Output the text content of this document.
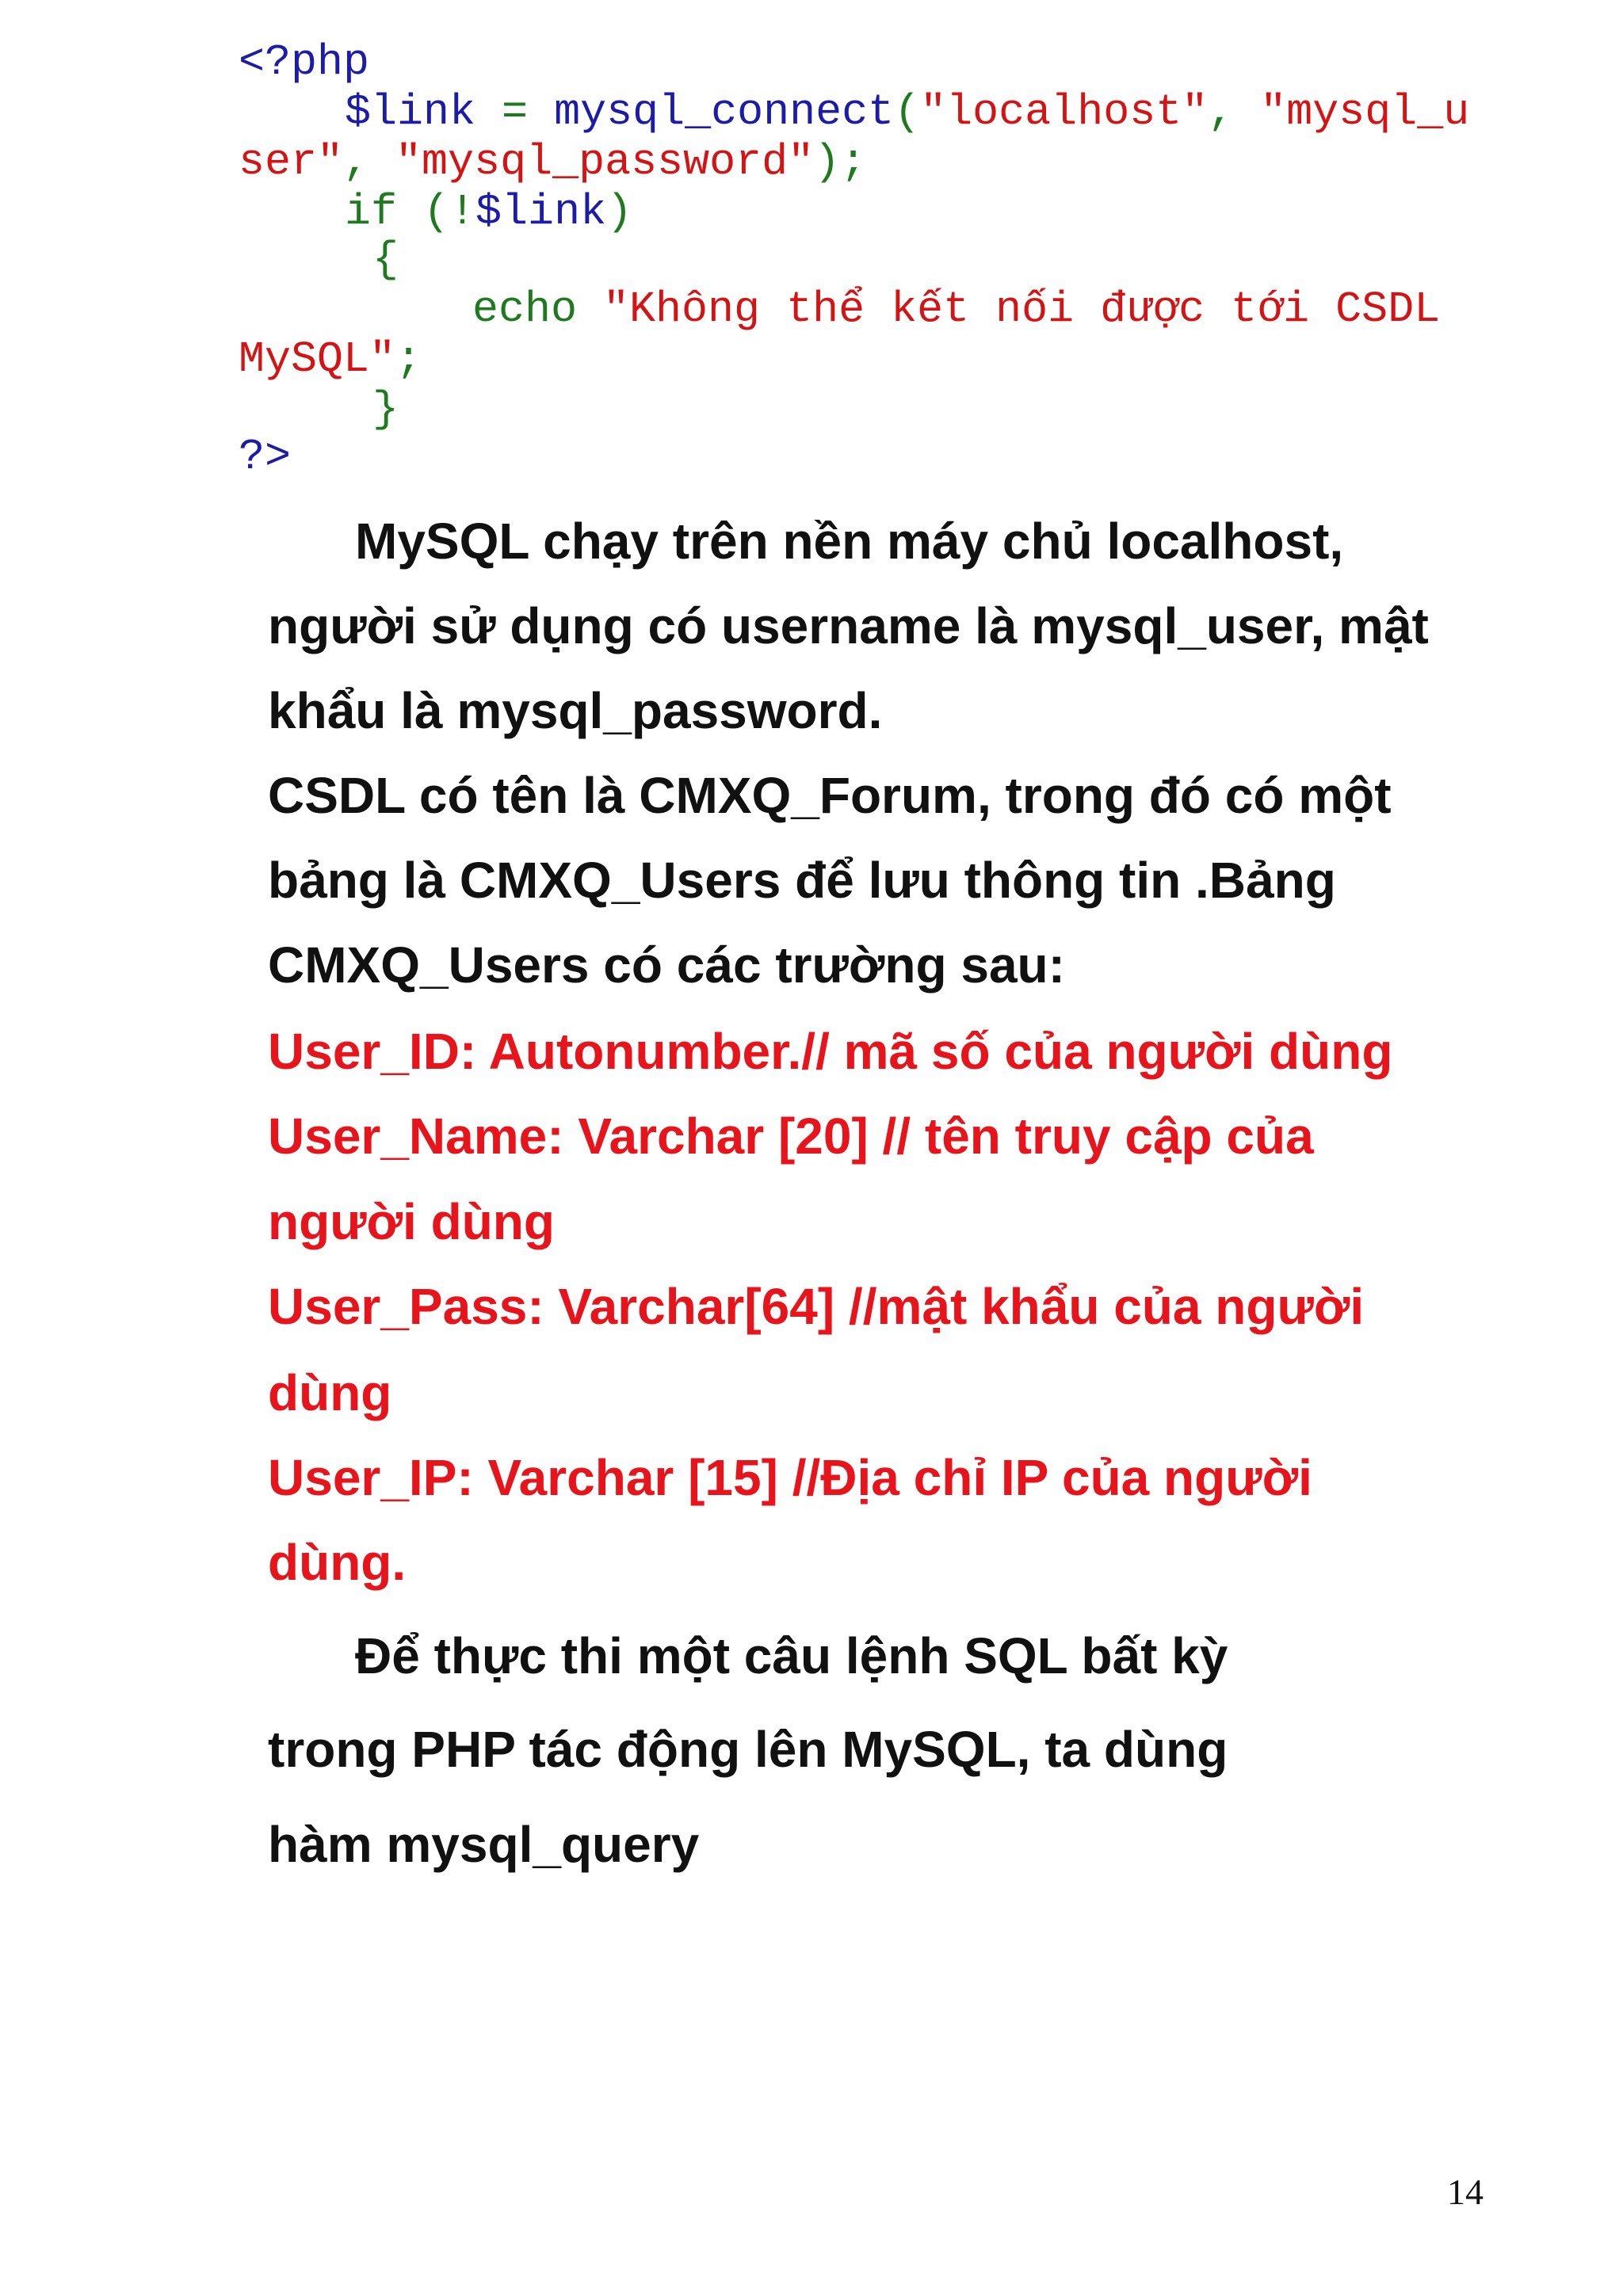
<?php
$link = mysql_connect("localhost", "mysql_u
ser", "mysql_password");
if (!$link)
{
echo "Không thể kết nối được tới CSDL
MySQL";
}
?>
MySQL chạy trên nền máy chủ localhost,
người sử dụng có username là mysql_user, mật
khẩu là mysql_password.
CSDL có tên là CMXQ_Forum, trong đó có một
bảng là CMXQ_Users để lưu thông tin .Bảng
CMXQ_Users có các trường sau:
User_ID: Autonumber.// mã số của người dùng
User_Name: Varchar [20] // tên truy cập của
người dùng
User_Pass: Varchar[64] //mật khẩu của người
dùng
User_IP: Varchar [15] //Địa chỉ IP của người
dùng.
Để thực thi một câu lệnh SQL bất kỳ
trong PHP tác động lên MySQL, ta dùng
hàm mysql_query
14
